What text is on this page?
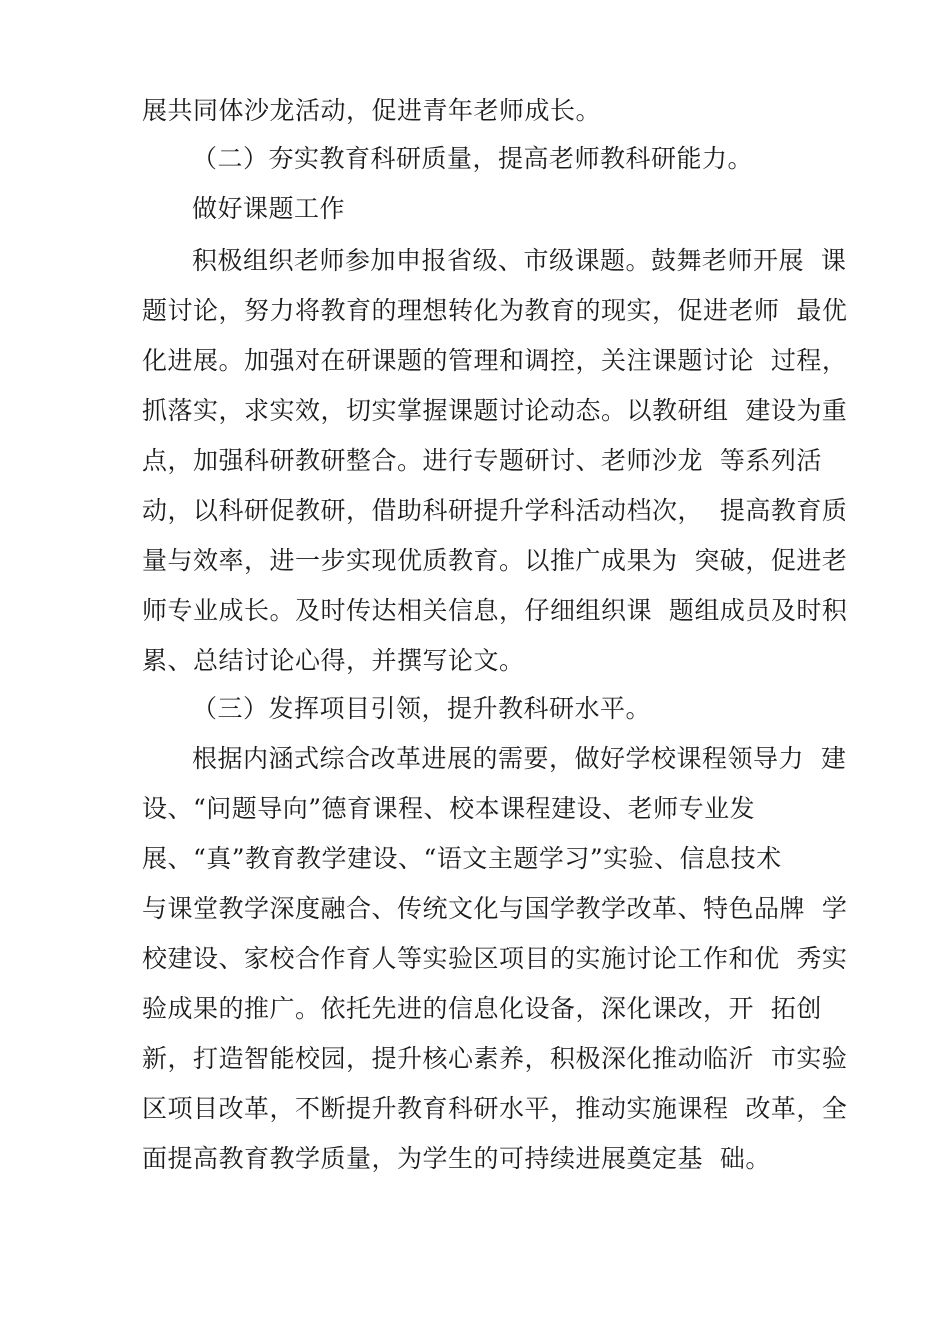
展共同体沙龙活动，促进青年老师成长。
（二）夯实教育科研质量，提高老师教科研能力。
做好课题工作
积极组织老师参加申报省级、市级课题。鼓舞老师开展  课
题讨论，努力将教育的理想转化为教育的现实，促进老师  最优
化进展。加强对在研课题的管理和调控，关注课题讨论  过程，
抓落实，求实效，切实掌握课题讨论动态。以教研组  建设为重
点，加强科研教研整合。进行专题研讨、老师沙龙  等系列活
动，以科研促教研，借助科研提升学科活动档次，  提高教育质
量与效率，进一步实现优质教育。以推广成果为  突破，促进老
师专业成长。及时传达相关信息，仔细组织课  题组成员及时积
累、总结讨论心得，并撰写论文。
（三）发挥项目引领，提升教科研水平。
根据内涵式综合改革进展的需要，做好学校课程领导力  建
设、“问题导向”德育课程、校本课程建设、老师专业发
展、“真”教育教学建设、“语文主题学习”实验、信息技术
与课堂教学深度融合、传统文化与国学教学改革、特色品牌  学
校建设、家校合作育人等实验区项目的实施讨论工作和优  秀实
验成果的推广。依托先进的信息化设备，深化课改，开  拓创
新，打造智能校园，提升核心素养，积极深化推动临沂  市实验
区项目改革，不断提升教育科研水平，推动实施课程  改革，全
面提高教育教学质量，为学生的可持续进展奠定基  础。
